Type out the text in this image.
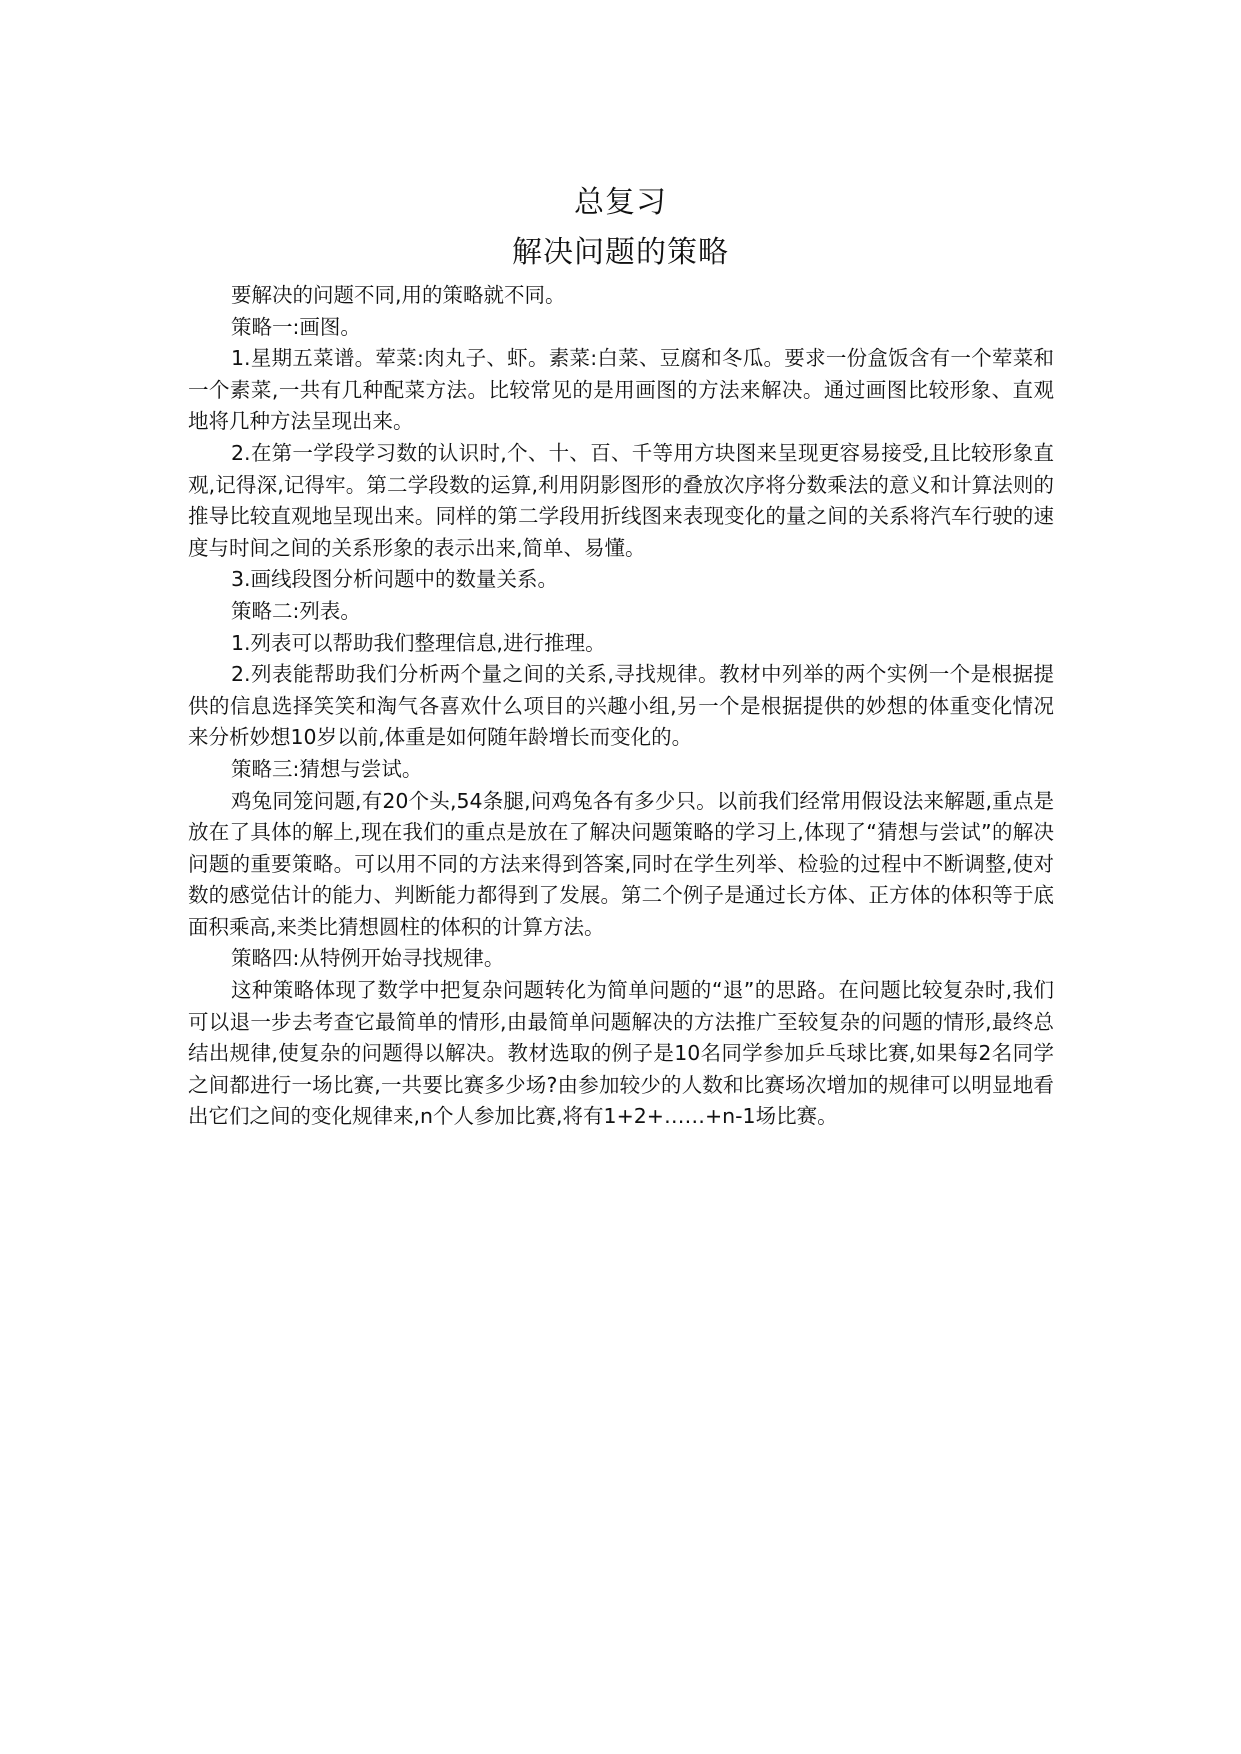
总复习
解决问题的策略

要解决的问题不同,用的策略就不同。

策略一:画图。

1.星期五菜谱。荤菜:肉丸子、虾。素菜:白菜、豆腐和冬瓜。要求一份盒饭含有一个荤菜和一个素菜,一共有几种配菜方法。比较常见的是用画图的方法来解决。通过画图比较形象、直观地将几种方法呈现出来。

2.在第一学段学习数的认识时,个、十、百、千等用方块图来呈现更容易接受,且比较形象直观,记得深,记得牢。第二学段数的运算,利用阴影图形的叠放次序将分数乘法的意义和计算法则的推导比较直观地呈现出来。同样的第二学段用折线图来表现变化的量之间的关系将汽车行驶的速度与时间之间的关系形象的表示出来,简单、易懂。

3.画线段图分析问题中的数量关系。

策略二:列表。

1.列表可以帮助我们整理信息,进行推理。

2.列表能帮助我们分析两个量之间的关系,寻找规律。教材中列举的两个实例一个是根据提供的信息选择笑笑和淘气各喜欢什么项目的兴趣小组,另一个是根据提供的妙想的体重变化情况来分析妙想10岁以前,体重是如何随年龄增长而变化的。

策略三:猜想与尝试。

鸡兔同笼问题,有20个头,54条腿,问鸡兔各有多少只。以前我们经常用假设法来解题,重点是放在了具体的解上,现在我们的重点是放在了解决问题策略的学习上,体现了“猜想与尝试”的解决问题的重要策略。可以用不同的方法来得到答案,同时在学生列举、检验的过程中不断调整,使对数的感觉估计的能力、判断能力都得到了发展。第二个例子是通过长方体、正方体的体积等于底面积乘高,来类比猜想圆柱的体积的计算方法。

策略四:从特例开始寻找规律。

这种策略体现了数学中把复杂问题转化为简单问题的“退”的思路。在问题比较复杂时,我们可以退一步去考查它最简单的情形,由最简单问题解决的方法推广至较复杂的问题的情形,最终总结出规律,使复杂的问题得以解决。教材选取的例子是10名同学参加乒乓球比赛,如果每2名同学之间都进行一场比赛,一共要比赛多少场?由参加较少的人数和比赛场次增加的规律可以明显地看出它们之间的变化规律来,n个人参加比赛,将有1+2+……+n-1场比赛。
